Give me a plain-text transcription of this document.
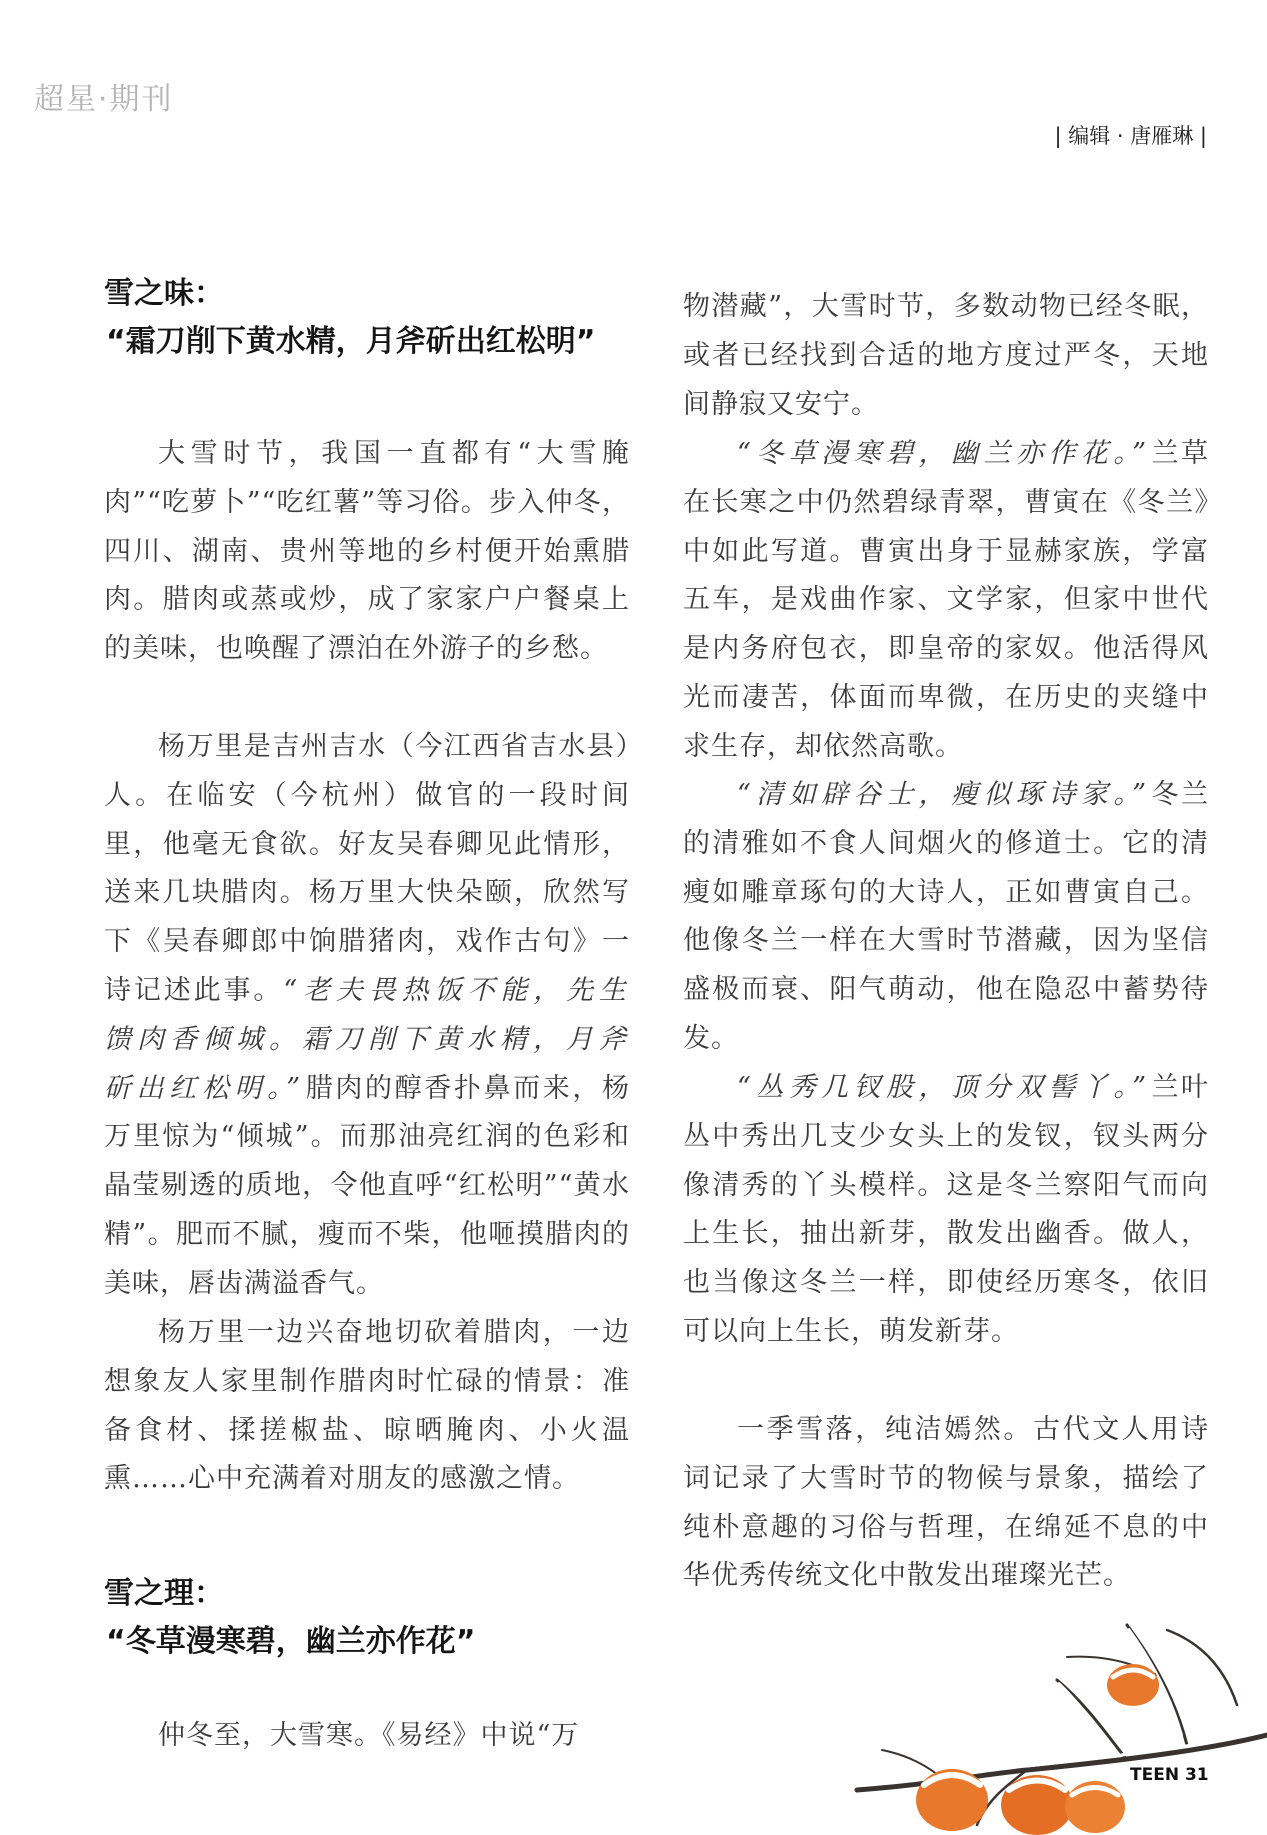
超星·期刊
| 编辑 · 唐雁琳 |
雪之味：
“霜刀削下黄水精，月斧斫出红松明”

大雪时节，我国一直都有“大雪腌肉”“吃萝卜”“吃红薯”等习俗。步入仲冬，四川、湖南、贵州等地的乡村便开始熏腊肉。腊肉或蒸或炒，成了家家户户餐桌上的美味，也唤醒了漂泊在外游子的乡愁。

杨万里是吉州吉水（今江西省吉水县）人。在临安（今杭州）做官的一段时间里，他毫无食欲。好友吴春卿见此情形，送来几块腊肉。杨万里大快朵颐，欣然写下《吴春卿郎中饷腊猪肉，戏作古句》一诗记述此事。“老夫畏热饭不能，先生馈肉香倾城。霜刀削下黄水精，月斧斫出红松明。”腊肉的醇香扑鼻而来，杨万里惊为“倾城”。而那油亮红润的色彩和晶莹剔透的质地，令他直呼“红松明”“黄水精”。肥而不腻，瘦而不柴，他咂摸腊肉的美味，唇齿满溢香气。

杨万里一边兴奋地切砍着腊肉，一边想象友人家里制作腊肉时忙碌的情景：准备食材、揉搓椒盐、晾晒腌肉、小火温熏……心中充满着对朋友的感激之情。

雪之理：
“冬草漫寒碧，幽兰亦作花”

仲冬至，大雪寒。《易经》中说“万

物潜藏”，大雪时节，多数动物已经冬眠，或者已经找到合适的地方度过严冬，天地间静寂又安宁。

“冬草漫寒碧，幽兰亦作花。”兰草在长寒之中仍然碧绿青翠，曹寅在《冬兰》中如此写道。曹寅出身于显赫家族，学富五车，是戏曲作家、文学家，但家中世代是内务府包衣，即皇帝的家奴。他活得风光而凄苦，体面而卑微，在历史的夹缝中求生存，却依然高歌。

“清如辟谷士，瘦似琢诗家。”冬兰的清雅如不食人间烟火的修道士。它的清瘦如雕章琢句的大诗人，正如曹寅自己。他像冬兰一样在大雪时节潜藏，因为坚信盛极而衰、阳气萌动，他在隐忍中蓄势待发。

“丛秀几钗股，顶分双髻丫。”兰叶丛中秀出几支少女头上的发钗，钗头两分像清秀的丫头模样。这是冬兰察阳气而向上生长，抽出新芽，散发出幽香。做人，也当像这冬兰一样，即使经历寒冬，依旧可以向上生长，萌发新芽。

一季雪落，纯洁嫣然。古代文人用诗词记录了大雪时节的物候与景象，描绘了纯朴意趣的习俗与哲理，在绵延不息的中华优秀传统文化中散发出璀璨光芒。

TEEN 31
